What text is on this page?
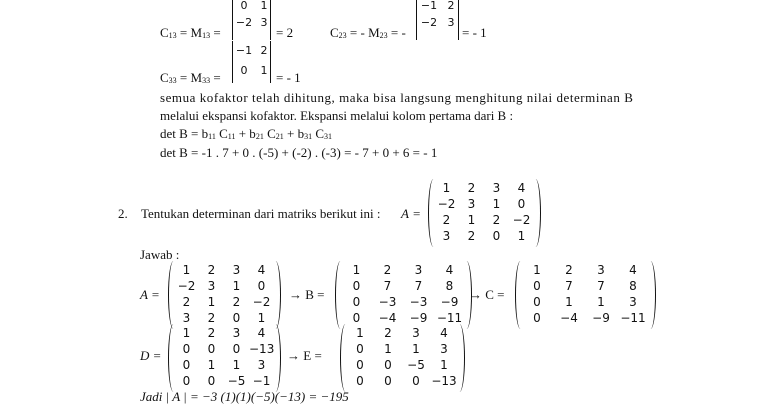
$C_{13} = M_{13}$ =
0	1
−2 3
= 2	$C_{23}$ = - $M_{23}$ = -
−1 2
−2 3
= - 1
$C_{33} = M_{33}$ =
−1 2
0	1 = - 1
semua kofaktor telah dihitung, maka bisa langsung menghitung nilai determinan B
melalui ekspansi kofaktor. Ekspansi melalui kolom pertama dari B :
$\det B = b_{11}$ $C_{11} + b_{21}$ $C_{21} + b_{31}$ $C_{31}$
det B = -1 . 7 + 0 . (-5) + (-2) . (-3) = - 7 + 0 + 6 = - 1
2. Tentukan determinan dari matriks berikut ini : A =
1	2	3	4
−2	3	1	0
2	1	2	−2
3	2	0	1
Jawab :
A =
1	2	3	4
−2	3	1	0
2	1	2	−2
3	2	0	1
→ B =
1	2	3	4
0	7	7	8
0	−3	−3	−9
0	−4	−9 −11
→ C =
1	2	3	4
0	7	7	8
0	1	1	3
0	−4	−9 −11
D =
1	2	3	4
0	0	0 −13
0	1	1	3
0	0	−5 −1
→ E =
1	2	3	4
0	1	1	3
0	0	−5	1
0	0	0 −13
Jadi | A | = −3 (1)(1)(−5)(−13) = −195
